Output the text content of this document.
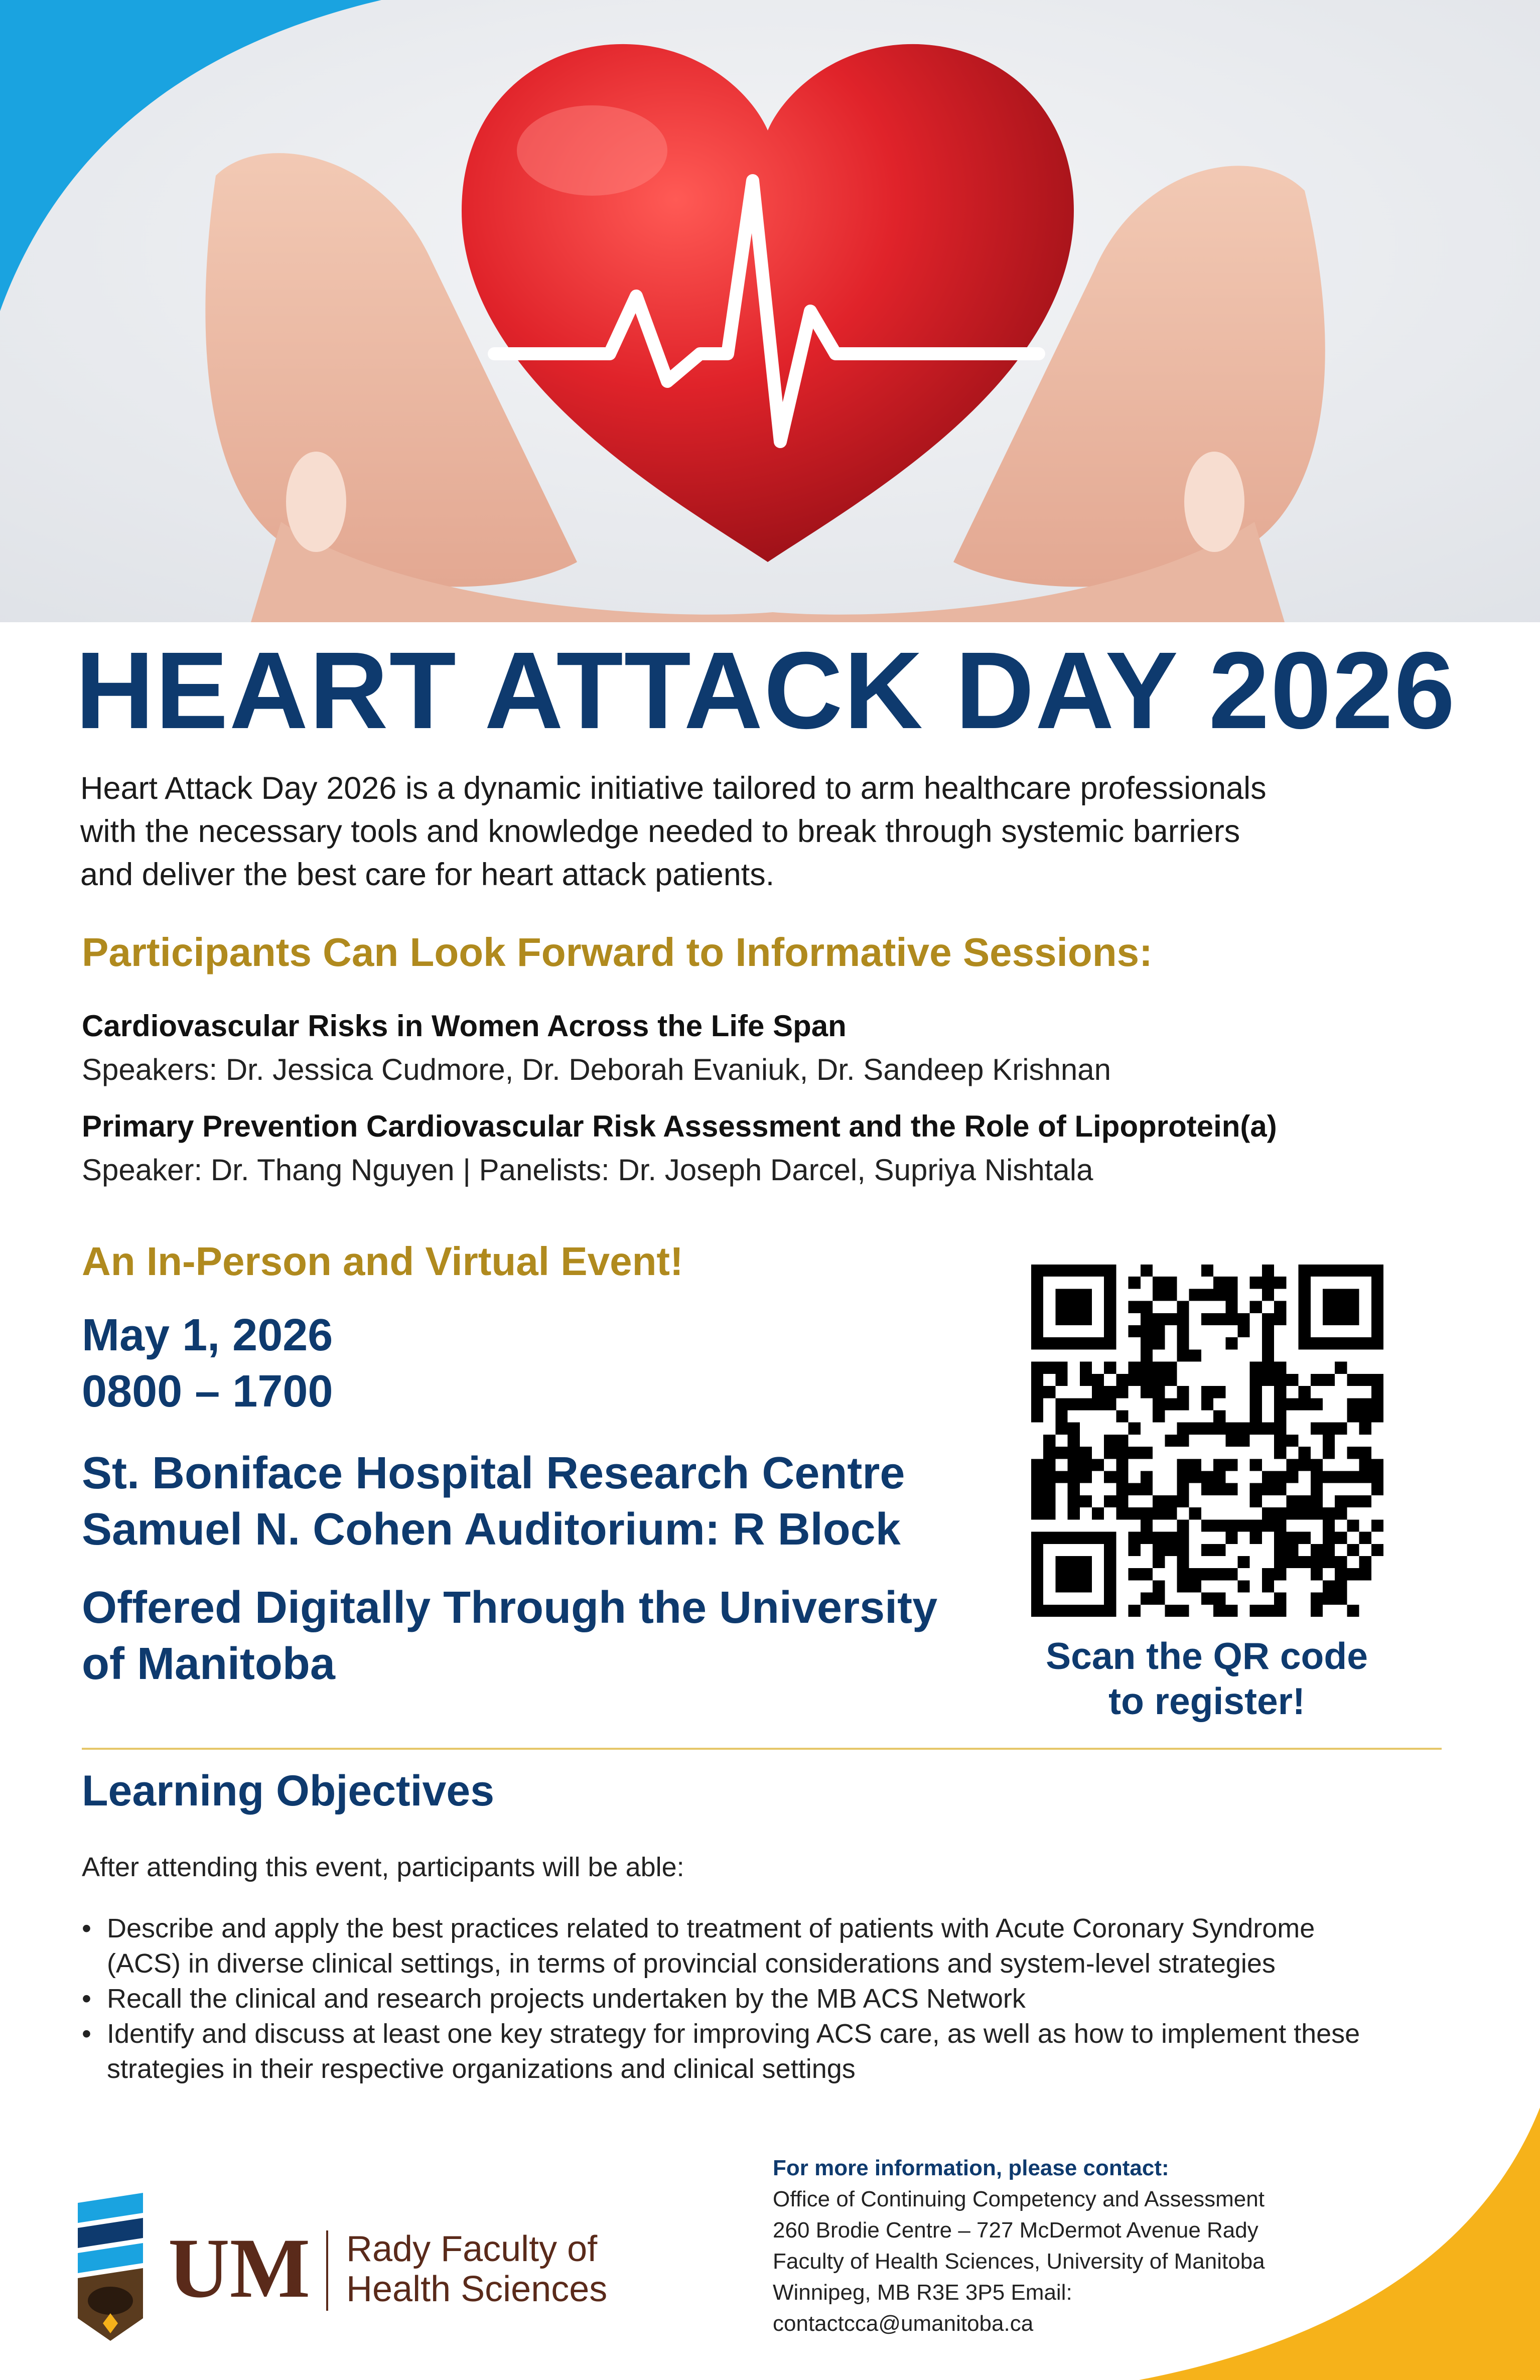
HEART ATTACK DAY 2026
Heart Attack Day 2026 is a dynamic initiative tailored to arm healthcare professionals
with the necessary tools and knowledge needed to break through systemic barriers
and deliver the best care for heart attack patients.
Participants Can Look Forward to Informative Sessions:
Cardiovascular Risks in Women Across the Life Span
Speakers: Dr. Jessica Cudmore, Dr. Deborah Evaniuk, Dr. Sandeep Krishnan
Primary Prevention Cardiovascular Risk Assessment and the Role of Lipoprotein(a)
Speaker: Dr. Thang Nguyen | Panelists: Dr. Joseph Darcel, Supriya Nishtala
An In-Person and Virtual Event!
May 1, 2026
0800 – 1700
St. Boniface Hospital Research Centre
Samuel N. Cohen Auditorium: R Block
Offered Digitally Through the University
of Manitoba	Scan the QR code
to register!
Learning Objectives
After attending this event, participants will be able:
• Describe and apply the best practices related to treatment of patients with Acute Coronary Syndrome
(ACS) in diverse clinical settings, in terms of provincial considerations and system-level strategies
• Recall the clinical and research projects undertaken by the MB ACS Network
• Identify and discuss at least one key strategy for improving ACS care, as well as how to implement these
strategies in their respective organizations and clinical settings
For more information, please contact:
Office of Continuing Competency and Assessment
260 Brodie Centre – 727 McDermot Avenue Rady
Faculty of Health Sciences, University of Manitoba
Winnipeg, MB R3E 3P5 Email:
contactcca@umanitoba.ca
UM Rady Faculty of
Health Sciences
